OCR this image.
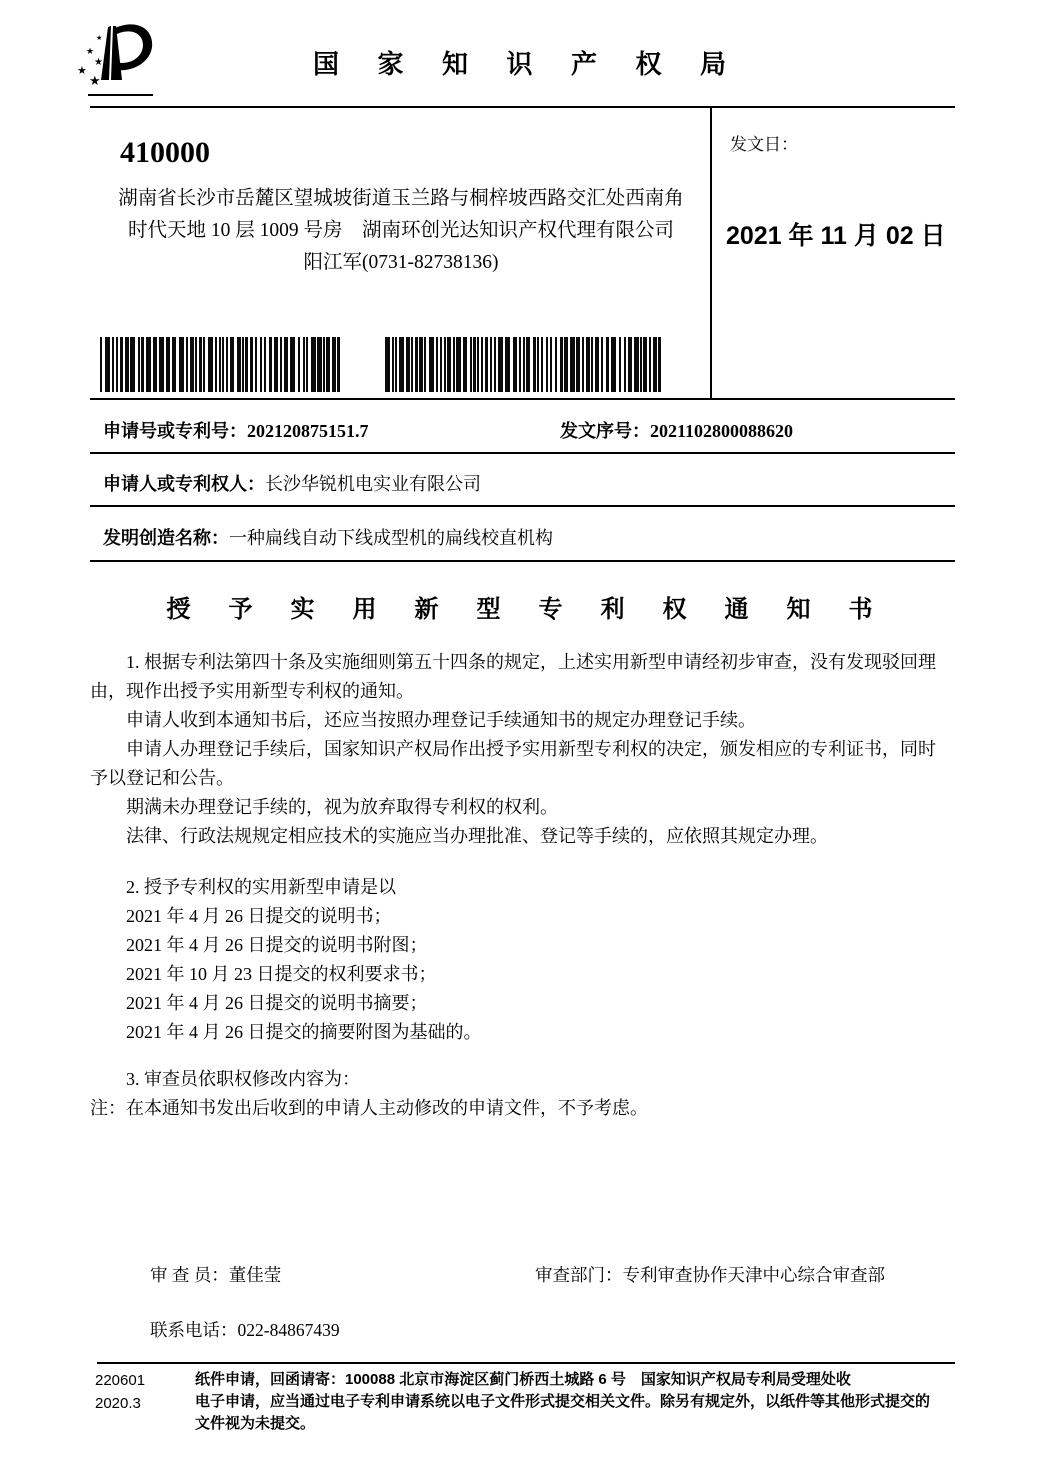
★
★
★
★
★
国 家 知 识 产 权 局
发文日：
2021 年 11 月 02 日
410000
湖南省长沙市岳麓区望城坡街道玉兰路与桐梓坡西路交汇处西南角
时代天地 10 层 1009 号房　湖南环创光达知识产权代理有限公司
阳江军(0731-82738136)
申请号或专利号：202120875151.7	发文序号：2021102800088620
申请人或专利权人：长沙华锐机电实业有限公司
发明创造名称：一种扁线自动下线成型机的扁线校直机构
授 予 实 用 新 型 专 利 权 通 知 书
1. 根据专利法第四十条及实施细则第五十四条的规定，上述实用新型申请经初步审查，没有发现驳回理
由，现作出授予实用新型专利权的通知。
申请人收到本通知书后，还应当按照办理登记手续通知书的规定办理登记手续。
申请人办理登记手续后，国家知识产权局作出授予实用新型专利权的决定，颁发相应的专利证书，同时
予以登记和公告。
期满未办理登记手续的，视为放弃取得专利权的权利。
法律、行政法规规定相应技术的实施应当办理批准、登记等手续的，应依照其规定办理。
2. 授予专利权的实用新型申请是以
2021 年 4 月 26 日提交的说明书；
2021 年 4 月 26 日提交的说明书附图；
2021 年 10 月 23 日提交的权利要求书；
2021 年 4 月 26 日提交的说明书摘要；
2021 年 4 月 26 日提交的摘要附图为基础的。
3. 审查员依职权修改内容为：
注：在本通知书发出后收到的申请人主动修改的申请文件，不予考虑。
审 查 员：董佳莹	审查部门：专利审查协作天津中心综合审查部
联系电话：022-84867439
220601
2020.3
纸件申请，回函请寄：100088 北京市海淀区蓟门桥西土城路 6 号　国家知识产权局专利局受理处收
电子申请，应当通过电子专利申请系统以电子文件形式提交相关文件。除另有规定外，以纸件等其他形式提交的
文件视为未提交。
